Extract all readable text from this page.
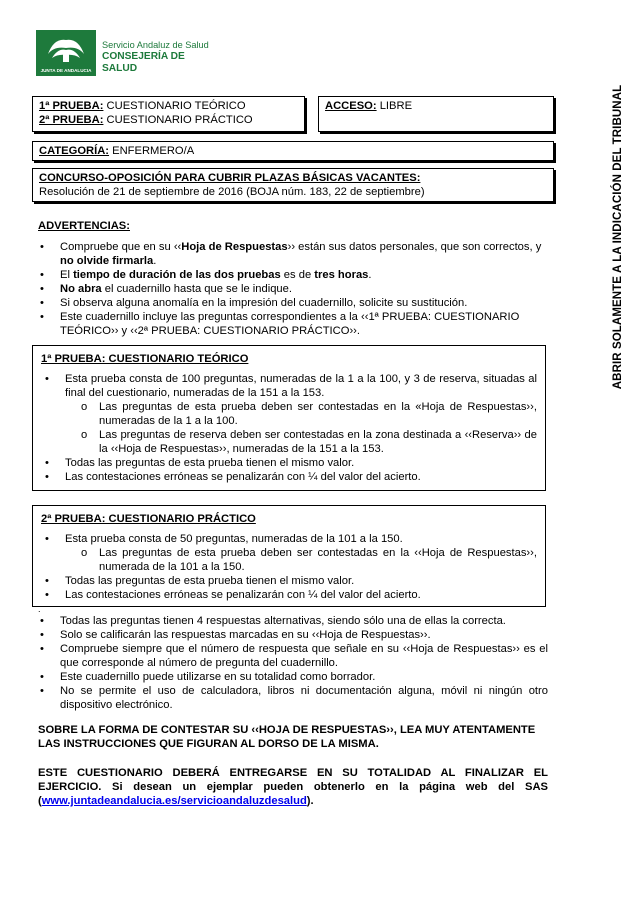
JUNTA DE ANDALUCIA
Servicio Andaluz de Salud
CONSEJERÍA DE SALUD
ABRIR SOLAMENTE A LA INDICACIÓN DEL TRIBUNAL
1ª PRUEBA: CUESTIONARIO TEÓRICO
2ª PRUEBA: CUESTIONARIO PRÁCTICO
ACCESO: LIBRE
CATEGORÍA: ENFERMERO/A
CONCURSO-OPOSICIÓN PARA CUBRIR PLAZAS BÁSICAS VACANTES:
Resolución de 21 de septiembre de 2016 (BOJA núm. 183, 22 de septiembre)
ADVERTENCIAS:
• Compruebe que en su ‹‹Hoja de Respuestas›› están sus datos personales, que son correctos, y no olvide firmarla.
• El tiempo de duración de las dos pruebas es de tres horas.
• No abra el cuadernillo hasta que se le indique.
• Si observa alguna anomalía en la impresión del cuadernillo, solicite su sustitución.
• Este cuadernillo incluye las preguntas correspondientes a la ‹‹1ª PRUEBA: CUESTIONARIO TEÓRICO›› y ‹‹2ª PRUEBA: CUESTIONARIO PRÁCTICO››.
1ª PRUEBA: CUESTIONARIO TEÓRICO
• Esta prueba consta de 100 preguntas, numeradas de la 1 a la 100, y 3 de reserva, situadas al final del cuestionario, numeradas de la 151 a la 153.
o Las preguntas de esta prueba deben ser contestadas en la «Hoja de Respuestas››, numeradas de la 1 a la 100.
o Las preguntas de reserva deben ser contestadas en la zona destinada a ‹‹Reserva›› de la ‹‹Hoja de Respuestas››, numeradas de la 151 a la 153.
• Todas las preguntas de esta prueba tienen el mismo valor.
• Las contestaciones erróneas se penalizarán con ¼ del valor del acierto.
2ª PRUEBA: CUESTIONARIO PRÁCTICO
• Esta prueba consta de 50 preguntas, numeradas de la 101 a la 150.
o Las preguntas de esta prueba deben ser contestadas en la ‹‹Hoja de Respuestas››, numerada de la 101 a la 150.
• Todas las preguntas de esta prueba tienen el mismo valor.
• Las contestaciones erróneas se penalizarán con ¼ del valor del acierto.
.
• Todas las preguntas tienen 4 respuestas alternativas, siendo sólo una de ellas la correcta.
• Solo se calificarán las respuestas marcadas en su ‹‹Hoja de Respuestas››.
• Compruebe siempre que el número de respuesta que señale en su ‹‹Hoja de Respuestas›› es el que corresponde al número de pregunta del cuadernillo.
• Este cuadernillo puede utilizarse en su totalidad como borrador.
• No se permite el uso de calculadora, libros ni documentación alguna, móvil ni ningún otro dispositivo electrónico.
SOBRE LA FORMA DE CONTESTAR SU ‹‹HOJA DE RESPUESTAS››, LEA MUY ATENTAMENTE LAS INSTRUCCIONES QUE FIGURAN AL DORSO DE LA MISMA.
ESTE CUESTIONARIO DEBERÁ ENTREGARSE EN SU TOTALIDAD AL FINALIZAR EL EJERCICIO. Si desean un ejemplar pueden obtenerlo en la página web del SAS (www.juntadeandalucia.es/servicioandaluzdesalud).
